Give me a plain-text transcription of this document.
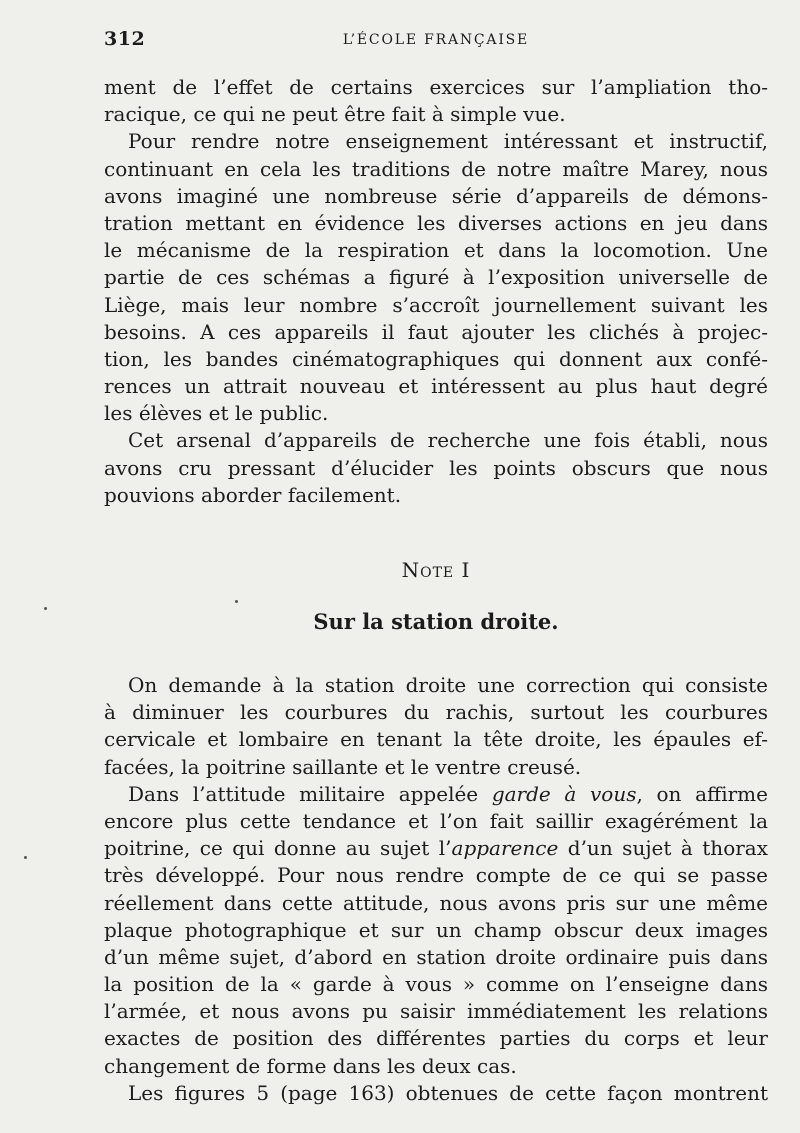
312	L’ÉCOLE FRANÇAISE
ment de l’effet de certains exercices sur l’ampliation tho-
racique, ce qui ne peut être fait à simple vue.
Pour rendre notre enseignement intéressant et instructif,
continuant en cela les traditions de notre maître Marey, nous
avons imaginé une nombreuse série d’appareils de démons-
tration mettant en évidence les diverses actions en jeu dans
le mécanisme de la respiration et dans la locomotion. Une
partie de ces schémas a figuré à l’exposition universelle de
Liège, mais leur nombre s’accroît journellement suivant les
besoins. A ces appareils il faut ajouter les clichés à projec-
tion, les bandes cinématographiques qui donnent aux confé-
rences un attrait nouveau et intéressent au plus haut degré
les élèves et le public.
Cet arsenal d’appareils de recherche une fois établi, nous
avons cru pressant d’élucider les points obscurs que nous
pouvions aborder facilement.
Note I
Sur la station droite.
On demande à la station droite une correction qui consiste
à diminuer les courbures du rachis, surtout les courbures
cervicale et lombaire en tenant la tête droite, les épaules ef-
facées, la poitrine saillante et le ventre creusé.
Dans l’attitude militaire appelée garde à vous, on affirme
encore plus cette tendance et l’on fait saillir exagérément la
poitrine, ce qui donne au sujet l’apparence d’un sujet à thorax
très développé. Pour nous rendre compte de ce qui se passe
réellement dans cette attitude, nous avons pris sur une même
plaque photographique et sur un champ obscur deux images
d’un même sujet, d’abord en station droite ordinaire puis dans
la position de la « garde à vous » comme on l’enseigne dans
l’armée, et nous avons pu saisir immédiatement les relations
exactes de position des différentes parties du corps et leur
changement de forme dans les deux cas.
Les figures 5 (page 163) obtenues de cette façon montrent
